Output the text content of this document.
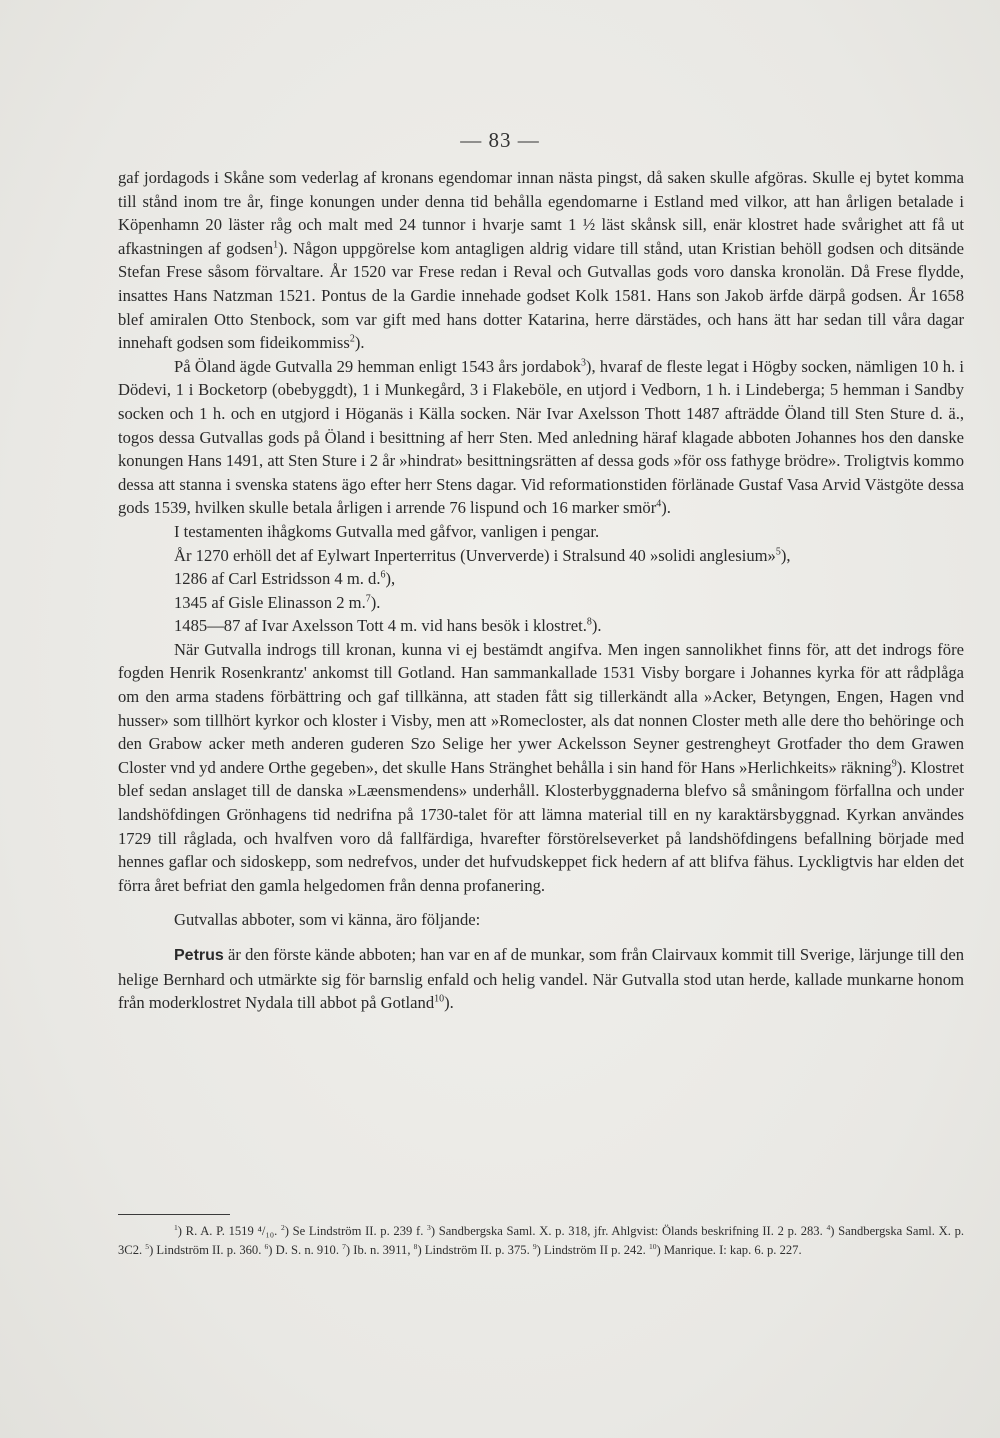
— 83 —

gaf jordagods i Skåne som vederlag af kronans egendomar innan nästa pingst, då saken skulle afgöras. Skulle ej bytet komma till stånd inom tre år, finge konungen under denna tid behålla egendomarne i Estland med vilkor, att han årligen betalade i Köpenhamn 20 läster råg och malt med 24 tunnor i hvarje samt 1 ½ läst skånsk sill, enär klostret hade svårighet att få ut afkastningen af godsen$^1$). Någon uppgörelse kom antagligen aldrig vidare till stånd, utan Kristian behöll godsen och ditsände Stefan Frese såsom förvaltare. År 1520 var Frese redan i Reval och Gutvallas gods voro danska kronolän. Då Frese flydde, insattes Hans Natzman 1521. Pontus de la Gardie innehade godset Kolk 1581. Hans son Jakob ärfde därpå godsen. År 1658 blef amiralen Otto Stenbock, som var gift med hans dotter Katarina, herre därstädes, och hans ätt har sedan till våra dagar innehaft godsen som fideikommiss$^2$).

På Öland ägde Gutvalla 29 hemman enligt 1543 års jordabok$^3$), hvaraf de fleste legat i Högby socken, nämligen 10 h. i Dödevi, 1 i Bocketorp (obebyggdt), 1 i Munkegård, 3 i Flakeböle, en utjord i Vedborn, 1 h. i Lindeberga; 5 hemman i Sandby socken och 1 h. och en utgjord i Höganäs i Källa socken. När Ivar Axelsson Thott 1487 afträdde Öland till Sten Sture d. ä., togos dessa Gutvallas gods på Öland i besittning af herr Sten. Med anledning häraf klagade abboten Johannes hos den danske konungen Hans 1491, att Sten Sture i 2 år »hindrat» besittningsrätten af dessa gods »för oss fathyge brödre». Troligtvis kommo dessa att stanna i svenska statens ägo efter herr Stens dagar. Vid reformationstiden förlänade Gustaf Vasa Arvid Västgöte dessa gods 1539, hvilken skulle betala årligen i arrende 76 lispund och 16 marker smör$^4$).

I testamenten ihågkoms Gutvalla med gåfvor, vanligen i pengar.

År 1270 erhöll det af Eylwart Inperterritus (Unververde) i Stralsund 40 »solidi anglesium»$^5$),

1286 af Carl Estridsson 4 m. d.$^6$),

1345 af Gisle Elinasson 2 m.$^7$).

1485—87 af Ivar Axelsson Tott 4 m. vid hans besök i klostret.$^8$).

När Gutvalla indrogs till kronan, kunna vi ej bestämdt angifva. Men ingen sannolikhet finns för, att det indrogs före fogden Henrik Rosenkrantz' ankomst till Gotland. Han sammankallade 1531 Visby borgare i Johannes kyrka för att rådplåga om den arma stadens förbättring och gaf tillkänna, att staden fått sig tillerkändt alla »Acker, Betyngen, Engen, Hagen vnd husser» som tillhört kyrkor och kloster i Visby, men att »Romecloster, als dat nonnen Closter meth alle dere tho behöringe och den Grabow acker meth anderen guderen Szo Selige her ywer Ackelsson Seyner gestrengheyt Grotfader tho dem Grawen Closter vnd yd andere Orthe gegeben», det skulle Hans Stränghet behålla i sin hand för Hans »Herlichkeits» räkning$^9$). Klostret blef sedan anslaget till de danska »Læensmendens» underhåll. Klosterbyggnaderna blefvo så småningom förfallna och under landshöfdingen Grönhagens tid nedrifna på 1730-talet för att lämna material till en ny karaktärsbyggnad. Kyrkan användes 1729 till råglada, och hvalfven voro då fallfärdiga, hvarefter förstörelseverket på landshöfdingens befallning började med hennes gaflar och sidoskepp, som nedrefvos, under det hufvudskeppet fick hedern af att blifva fähus. Lyckligtvis har elden det förra året befriat den gamla helgedomen från denna profanering.

Gutvallas abboter, som vi känna, äro följande:

Petrus är den förste kände abboten; han var en af de munkar, som från Clairvaux kommit till Sverige, lärjunge till den helige Bernhard och utmärkte sig för barnslig enfald och helig vandel. När Gutvalla stod utan herde, kallade munkarne honom från moderklostret Nydala till abbot på Gotland$^{10}$).

$^1$) R. A. P. 1519 ⁴/₁₀. $^2$) Se Lindström II. p. 239 f. $^3$) Sandbergska Saml. X. p. 318, jfr. Ahlgvist: Ölands beskrifning II. 2 p. 283. $^4$) Sandbergska Saml. X. p. 3C2. $^5$) Lindström II. p. 360. $^6$) D. S. n. 910. $^7$) Ib. n. 3911, $^8$) Lindström II. p. 375. $^9$) Lindström II p. 242. $^{10}$) Manrique. I: kap. 6. p. 227.
